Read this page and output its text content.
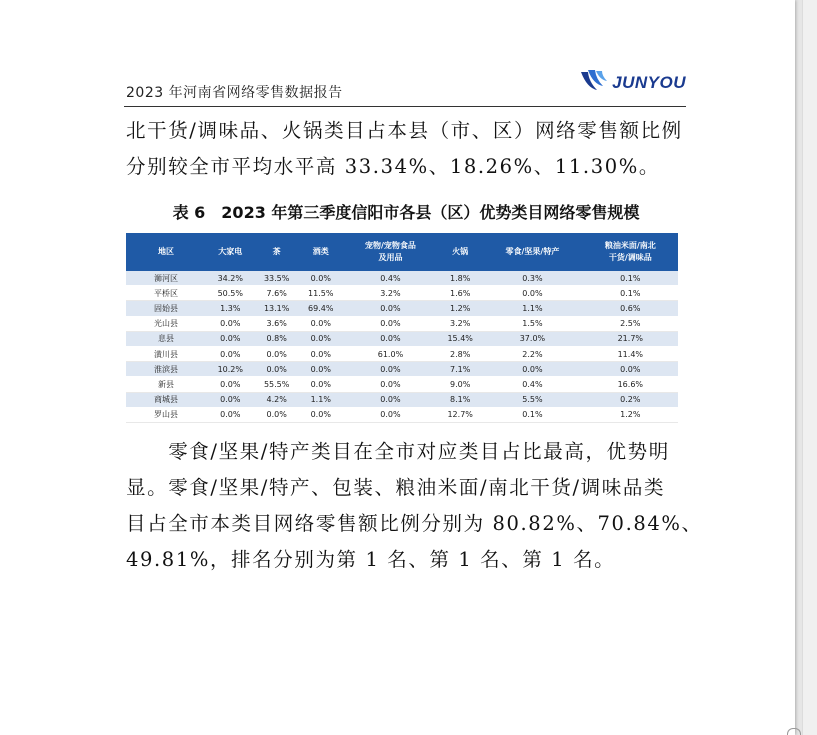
2023 年河南省网络零售数据报告
JUNYOU
北干货/调味品、火锅类目占本县（市、区）网络零售额比例
分别较全市平均水平高 33.34%、18.26%、11.30%。
表 6　2023 年第三季度信阳市各县（区）优势类目网络零售规模
地区	大家电	茶	酒类	宠物/宠物食品
及用品	火锅	零食/坚果/特产	粮油米面/南北
干货/调味品
浉河区	34.2%	33.5%	0.0%	0.4%	1.8%	0.3%	0.1%
平桥区	50.5%	7.6%	11.5%	3.2%	1.6%	0.0%	0.1%
固始县	1.3%	13.1%	69.4%	0.0%	1.2%	1.1%	0.6%
光山县	0.0%	3.6%	0.0%	0.0%	3.2%	1.5%	2.5%
息县	0.0%	0.8%	0.0%	0.0%	15.4%	37.0%	21.7%
潢川县	0.0%	0.0%	0.0%	61.0%	2.8%	2.2%	11.4%
淮滨县	10.2%	0.0%	0.0%	0.0%	7.1%	0.0%	0.0%
新县	0.0%	55.5%	0.0%	0.0%	9.0%	0.4%	16.6%
商城县	0.0%	4.2%	1.1%	0.0%	8.1%	5.5%	0.2%
罗山县	0.0%	0.0%	0.0%	0.0%	12.7%	0.1%	1.2%
　　零食/坚果/特产类目在全市对应类目占比最高，优势明
显。零食/坚果/特产、包装、粮油米面/南北干货/调味品类
目占全市本类目网络零售额比例分别为 80.82%、70.84%、
49.81%，排名分别为第 1 名、第 1 名、第 1 名。
